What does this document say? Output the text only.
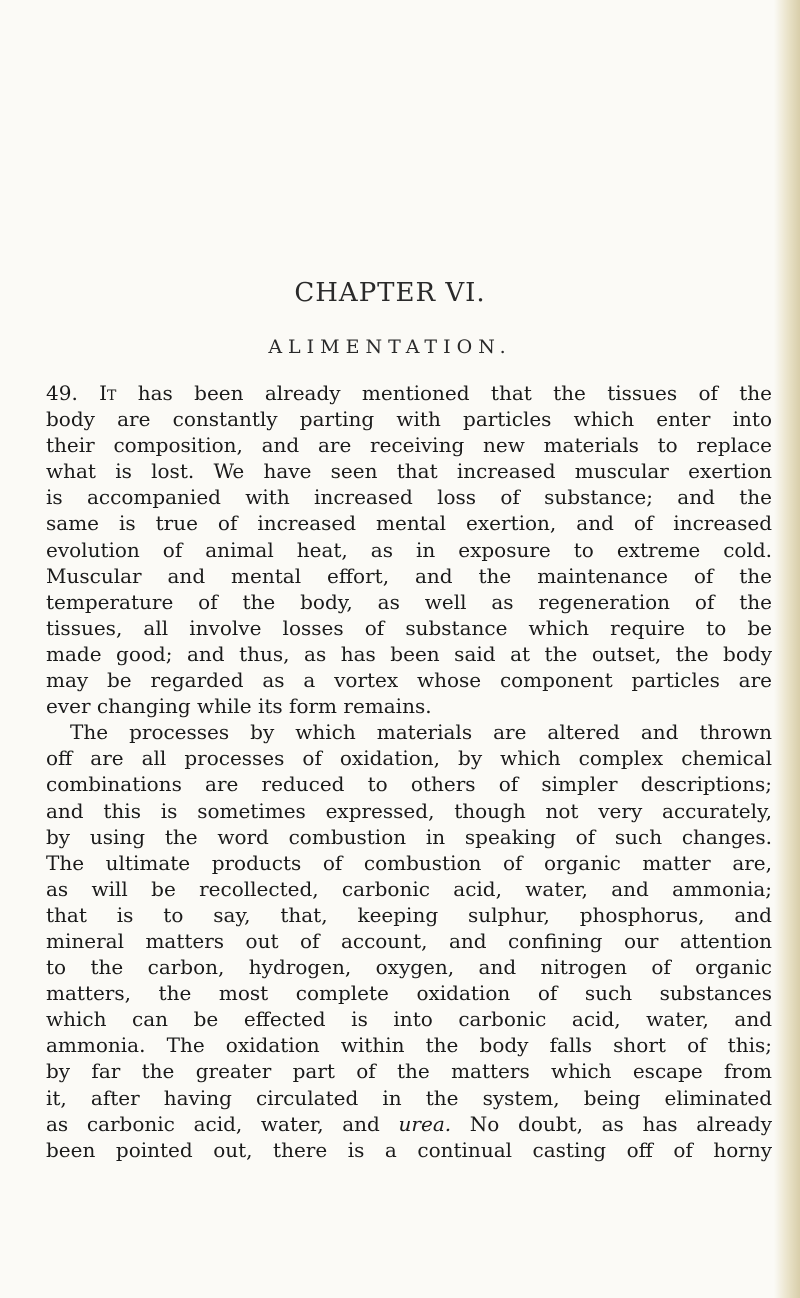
CHAPTER VI.
ALIMENTATION.
49. It has been already mentioned that the tissues of the
body are constantly parting with particles which enter into
their composition, and are receiving new materials to replace
what is lost. We have seen that increased muscular exertion
is accompanied with increased loss of substance; and the
same is true of increased mental exertion, and of increased
evolution of animal heat, as in exposure to extreme cold.
Muscular and mental effort, and the maintenance of the
temperature of the body, as well as regeneration of the
tissues, all involve losses of substance which require to be
made good; and thus, as has been said at the outset, the body
may be regarded as a vortex whose component particles are
ever changing while its form remains.
The processes by which materials are altered and thrown
off are all processes of oxidation, by which complex chemical
combinations are reduced to others of simpler descriptions;
and this is sometimes expressed, though not very accurately,
by using the word combustion in speaking of such changes.
The ultimate products of combustion of organic matter are,
as will be recollected, carbonic acid, water, and ammonia;
that is to say, that, keeping sulphur, phosphorus, and
mineral matters out of account, and confining our attention
to the carbon, hydrogen, oxygen, and nitrogen of organic
matters, the most complete oxidation of such substances
which can be effected is into carbonic acid, water, and
ammonia. The oxidation within the body falls short of this;
by far the greater part of the matters which escape from
it, after having circulated in the system, being eliminated
as carbonic acid, water, and urea. No doubt, as has already
been pointed out, there is a continual casting off of horny
